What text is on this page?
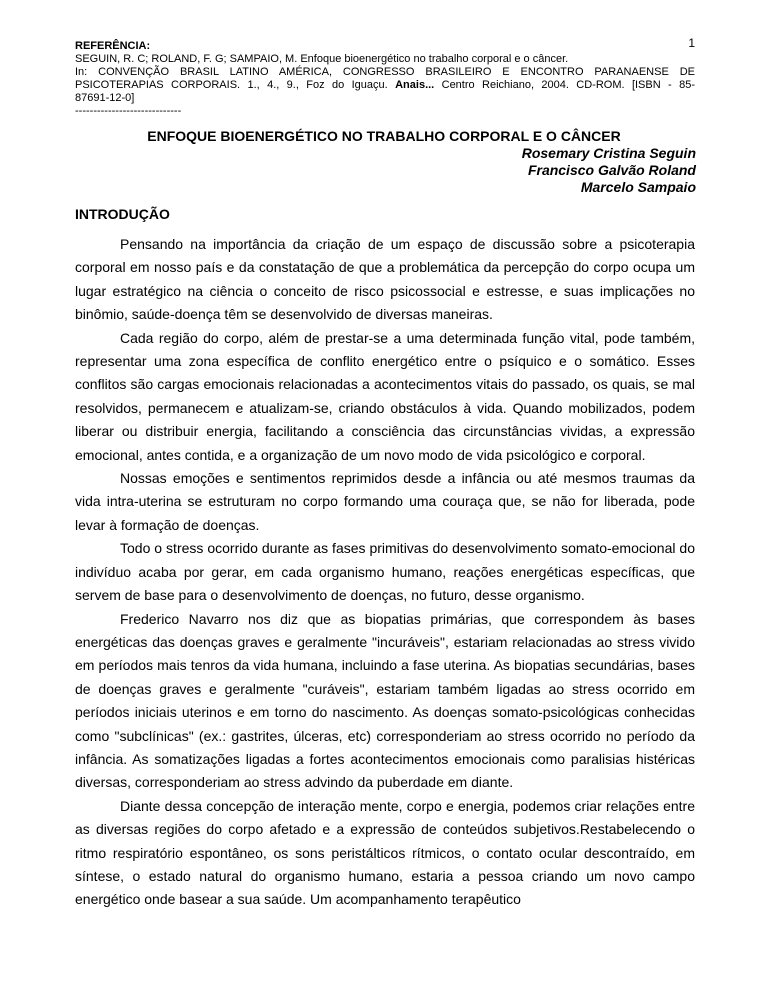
1
REFERÊNCIA:
SEGUIN, R. C; ROLAND, F. G; SAMPAIO, M. Enfoque bioenergético no trabalho corporal e o câncer.
In: CONVENÇÃO BRASIL LATINO AMÉRICA, CONGRESSO BRASILEIRO E ENCONTRO PARANAENSE DE
PSICOTERAPIAS CORPORAIS. 1., 4., 9., Foz do Iguaçu. Anais... Centro Reichiano, 2004. CD-ROM. [ISBN - 85-
87691-12-0]
-----------------------------
ENFOQUE BIOENERGÉTICO NO TRABALHO CORPORAL E O CÂNCER
Rosemary Cristina Seguin
Francisco Galvão Roland
Marcelo Sampaio
INTRODUÇÃO

Pensando na importância da criação de um espaço de discussão sobre a psicoterapia corporal em nosso país e da constatação de que a problemática da percepção do corpo ocupa um lugar estratégico na ciência o conceito de risco psicossocial e estresse, e suas implicações no binômio, saúde-doença têm se desenvolvido de diversas maneiras.

Cada região do corpo, além de prestar-se a uma determinada função vital, pode também, representar uma zona específica de conflito energético entre o psíquico e o somático. Esses conflitos são cargas emocionais relacionadas a acontecimentos vitais do passado, os quais, se mal resolvidos, permanecem e atualizam-se, criando obstáculos à vida. Quando mobilizados, podem liberar ou distribuir energia, facilitando a consciência das circunstâncias vividas, a expressão emocional, antes contida, e a organização de um novo modo de vida psicológico e corporal.

Nossas emoções e sentimentos reprimidos desde a infância ou até mesmos traumas da vida intra-uterina se estruturam no corpo formando uma couraça que, se não for liberada, pode levar à formação de doenças.

Todo o stress ocorrido durante as fases primitivas do desenvolvimento somato-emocional do indivíduo acaba por gerar, em cada organismo humano, reações energéticas específicas, que servem de base para o desenvolvimento de doenças, no futuro, desse organismo.

Frederico Navarro nos diz que as biopatias primárias, que correspondem às bases energéticas das doenças graves e geralmente "incuráveis", estariam relacionadas ao stress vivido em períodos mais tenros da vida humana, incluindo a fase uterina. As biopatias secundárias, bases de doenças graves e geralmente "curáveis", estariam também ligadas ao stress ocorrido em períodos iniciais uterinos e em torno do nascimento. As doenças somato-psicológicas conhecidas como "subclínicas" (ex.: gastrites, úlceras, etc) corresponderiam ao stress ocorrido no período da infância. As somatizações ligadas a fortes acontecimentos emocionais como paralisias histéricas diversas, corresponderiam ao stress advindo da puberdade em diante.

Diante dessa concepção de interação mente, corpo e energia, podemos criar relações entre as diversas regiões do corpo afetado e a expressão de conteúdos subjetivos.Restabelecendo o ritmo respiratório espontâneo, os sons peristálticos rítmicos, o contato ocular descontraído, em síntese, o estado natural do organismo humano, estaria a pessoa criando um novo campo energético onde basear a sua saúde. Um acompanhamento terapêutico
